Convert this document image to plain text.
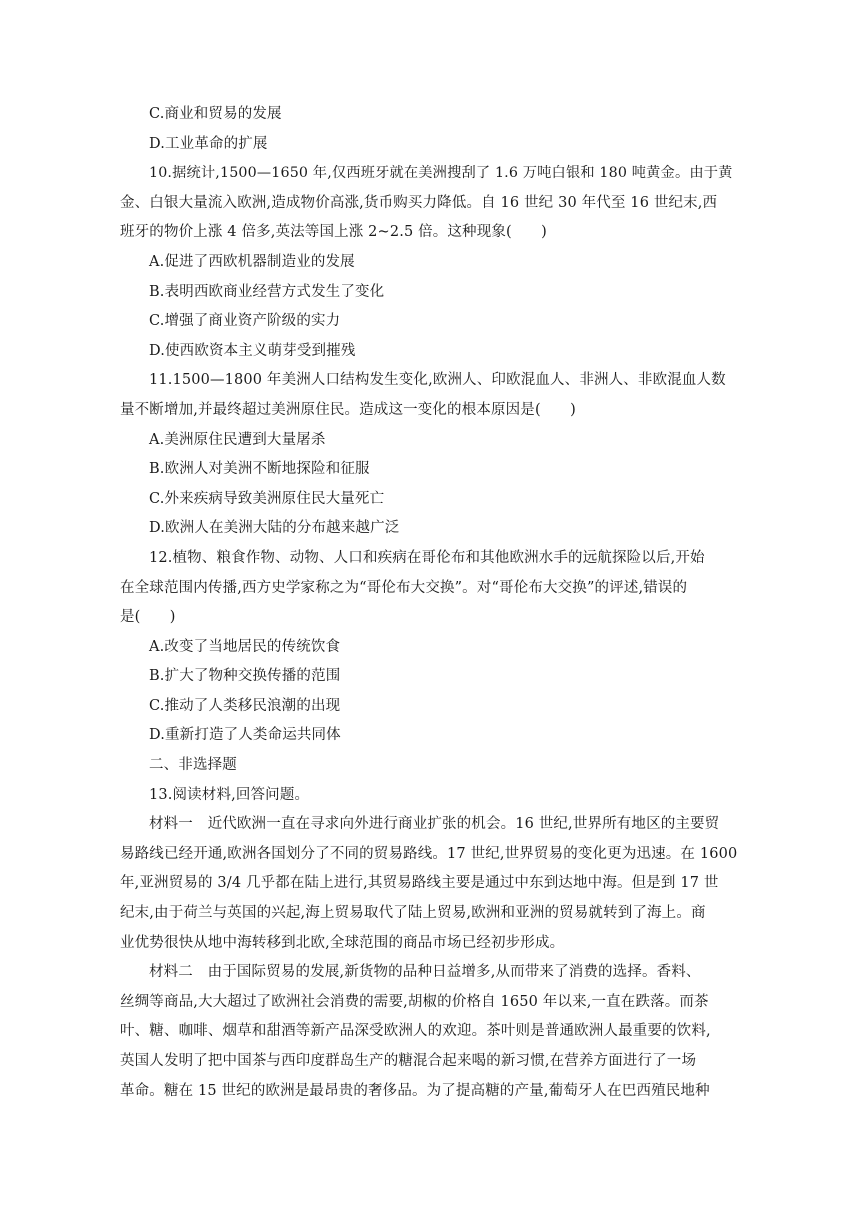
C.商业和贸易的发展
D.工业革命的扩展
10.据统计,1500—1650 年,仅西班牙就在美洲搜刮了 1.6 万吨白银和 180 吨黄金。由于黄
金、白银大量流入欧洲,造成物价高涨,货币购买力降低。自 16 世纪 30 年代至 16 世纪末,西
班牙的物价上涨 4 倍多,英法等国上涨 2~2.5 倍。这种现象(　　)
A.促进了西欧机器制造业的发展
B.表明西欧商业经营方式发生了变化
C.增强了商业资产阶级的实力
D.使西欧资本主义萌芽受到摧残
11.1500—1800 年美洲人口结构发生变化,欧洲人、印欧混血人、非洲人、非欧混血人数
量不断增加,并最终超过美洲原住民。造成这一变化的根本原因是(　　)
A.美洲原住民遭到大量屠杀
B.欧洲人对美洲不断地探险和征服
C.外来疾病导致美洲原住民大量死亡
D.欧洲人在美洲大陆的分布越来越广泛
12.植物、粮食作物、动物、人口和疾病在哥伦布和其他欧洲水手的远航探险以后,开始
在全球范围内传播,西方史学家称之为“哥伦布大交换”。对“哥伦布大交换”的评述,错误的
是(　　)
A.改变了当地居民的传统饮食
B.扩大了物种交换传播的范围
C.推动了人类移民浪潮的出现
D.重新打造了人类命运共同体
二、非选择题
13.阅读材料,回答问题。
材料一　近代欧洲一直在寻求向外进行商业扩张的机会。16 世纪,世界所有地区的主要贸
易路线已经开通,欧洲各国划分了不同的贸易路线。17 世纪,世界贸易的变化更为迅速。在 1600
年,亚洲贸易的 3/4 几乎都在陆上进行,其贸易路线主要是通过中东到达地中海。但是到 17 世
纪末,由于荷兰与英国的兴起,海上贸易取代了陆上贸易,欧洲和亚洲的贸易就转到了海上。商
业优势很快从地中海转移到北欧,全球范围的商品市场已经初步形成。
材料二　由于国际贸易的发展,新货物的品种日益增多,从而带来了消费的选择。香料、
丝绸等商品,大大超过了欧洲社会消费的需要,胡椒的价格自 1650 年以来,一直在跌落。而茶
叶、糖、咖啡、烟草和甜酒等新产品深受欧洲人的欢迎。茶叶则是普通欧洲人最重要的饮料,
英国人发明了把中国茶与西印度群岛生产的糖混合起来喝的新习惯,在营养方面进行了一场
革命。糖在 15 世纪的欧洲是最昂贵的奢侈品。为了提高糖的产量,葡萄牙人在巴西殖民地种
